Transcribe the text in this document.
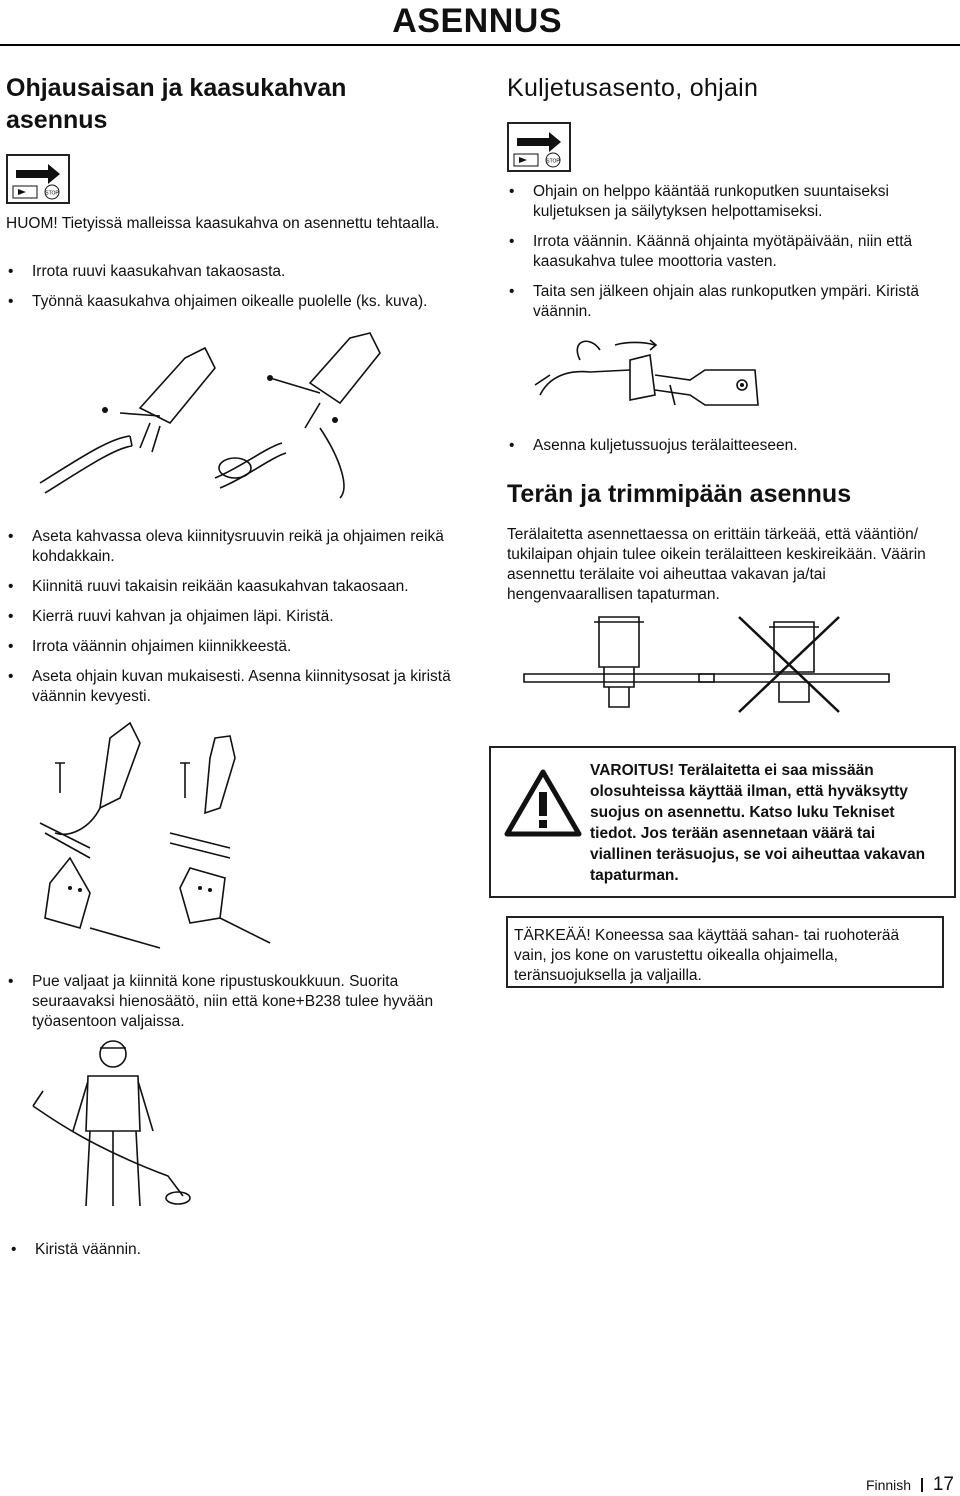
ASENNUS
Ohjausaisan ja kaasukahvan asennus
STOP
HUOM! Tietyissä malleissa kaasukahva on asennettu tehtaalla.
• Irrota ruuvi kaasukahvan takaosasta.
• Työnnä kaasukahva ohjaimen oikealle puolelle (ks. kuva).
• Aseta kahvassa oleva kiinnitysruuvin reikä ja ohjaimen reikä kohdakkain.
• Kiinnitä ruuvi takaisin reikään kaasukahvan takaosaan.
• Kierrä ruuvi kahvan ja ohjaimen läpi. Kiristä.
• Irrota väännin ohjaimen kiinnikkeestä.
• Aseta ohjain kuvan mukaisesti. Asenna kiinnitysosat ja kiristä väännin kevyesti.
• Pue valjaat ja kiinnitä kone ripustuskoukkuun. Suorita seuraavaksi hienosäätö, niin että kone+B238 tulee hyvään työasentoon valjaissa.
• Kiristä väännin.
Kuljetusasento, ohjain
STOP
• Ohjain on helppo kääntää runkoputken suuntaiseksi kuljetuksen ja säilytyksen helpottamiseksi.
• Irrota väännin. Käännä ohjainta myötäpäivään, niin että kaasukahva tulee moottoria vasten.
• Taita sen jälkeen ohjain alas runkoputken ympäri. Kiristä väännin.
• Asenna kuljetussuojus terälaitteeseen.
Terän ja trimmipään asennus
Terälaitetta asennettaessa on erittäin tärkeää, että vääntiön/ tukilaipan ohjain tulee oikein terälaitteen keskireikään. Väärin asennettu terälaite voi aiheuttaa vakavan ja/tai hengenvaarallisen tapaturman.
VAROITUS! Terälaitetta ei saa missään olosuhteissa käyttää ilman, että hyväksytty suojus on asennettu. Katso luku Tekniset tiedot. Jos terään asennetaan väärä tai viallinen teräsuojus, se voi aiheuttaa vakavan tapaturman.
TÄRKEÄÄ! Koneessa saa käyttää sahan- tai ruohoterää vain, jos kone on varustettu oikealla ohjaimella, teränsuojuksella ja valjailla.
Finnish 17
